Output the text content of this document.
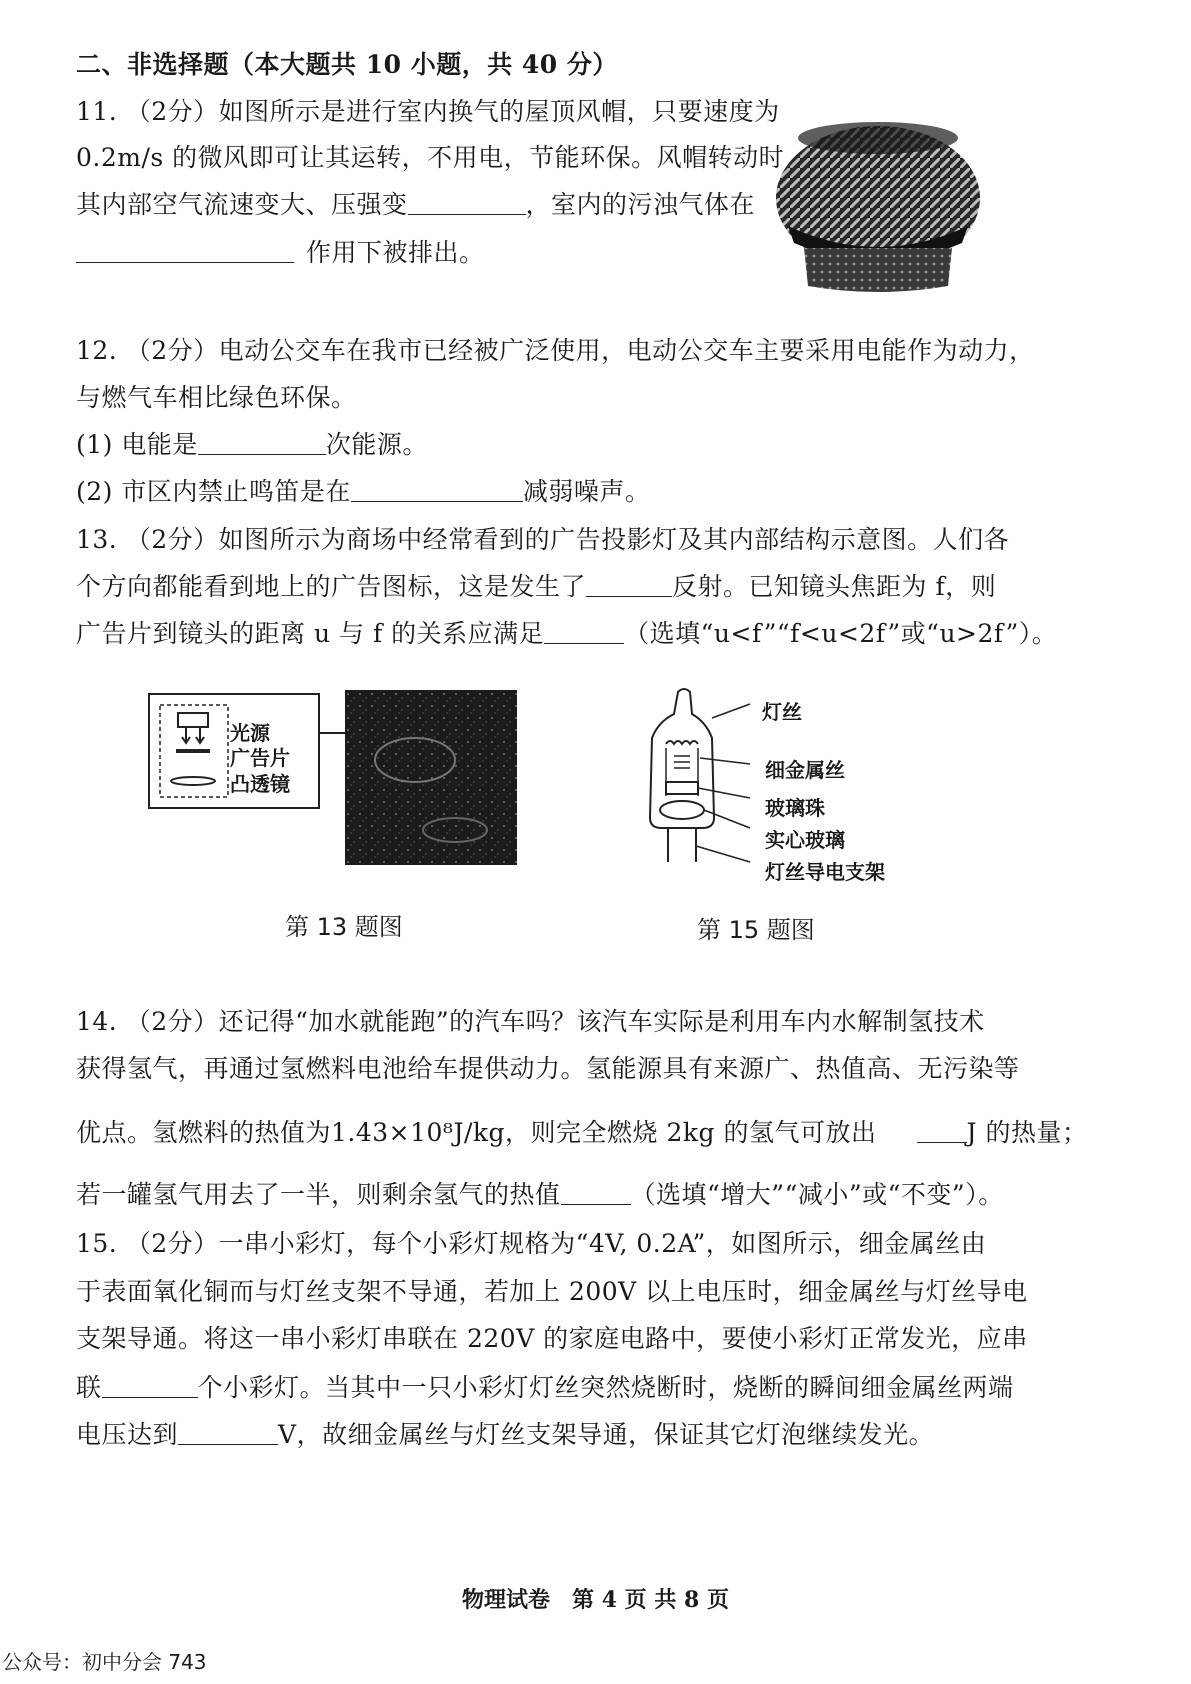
二、非选择题（本大题共 10 小题，共 40 分）
11. （2分）如图所示是进行室内换气的屋顶风帽，只要速度为
0.2m/s 的微风即可让其运转，不用电，节能环保。风帽转动时
其内部空气流速变大、压强变	，室内的污浊气体在
作用下被排出。
12. （2分）电动公交车在我市已经被广泛使用，电动公交车主要采用电能作为动力，
与燃气车相比绿色环保。
(1) 电能是	次能源。
(2) 市区内禁止鸣笛是在	减弱噪声。
13. （2分）如图所示为商场中经常看到的广告投影灯及其内部结构示意图。人们各
个方向都能看到地上的广告图标，这是发生了	反射。已知镜头焦距为 f，则
广告片到镜头的距离 u 与 f 的关系应满足	（选填“u<f”“f<u<2f”或“u>2f”）。
光源
广告片
凸透镜
第 13 题图
灯丝
细金属丝
玻璃珠
实心玻璃
灯丝导电支架
第 15 题图
14. （2分）还记得“加水就能跑”的汽车吗？该汽车实际是利用车内水解制氢技术
获得氢气，再通过氢燃料电池给车提供动力。氢能源具有来源广、热值高、无污染等
优点。氢燃料的热值为1.43×10⁸J/kg，则完全燃烧 2kg 的氢气可放出	J 的热量；
若一罐氢气用去了一半，则剩余氢气的热值	（选填“增大”“减小”或“不变”）。
15. （2分）一串小彩灯，每个小彩灯规格为“4V, 0.2A”，如图所示，细金属丝由
于表面氧化铜而与灯丝支架不导通，若加上 200V 以上电压时，细金属丝与灯丝导电
支架导通。将这一串小彩灯串联在 220V 的家庭电路中，要使小彩灯正常发光，应串
联	个小彩灯。当其中一只小彩灯灯丝突然烧断时，烧断的瞬间细金属丝两端
电压达到	V，故细金属丝与灯丝支架导通，保证其它灯泡继续发光。
物理试卷　第 4 页 共 8 页
公众号：初中分会 743
